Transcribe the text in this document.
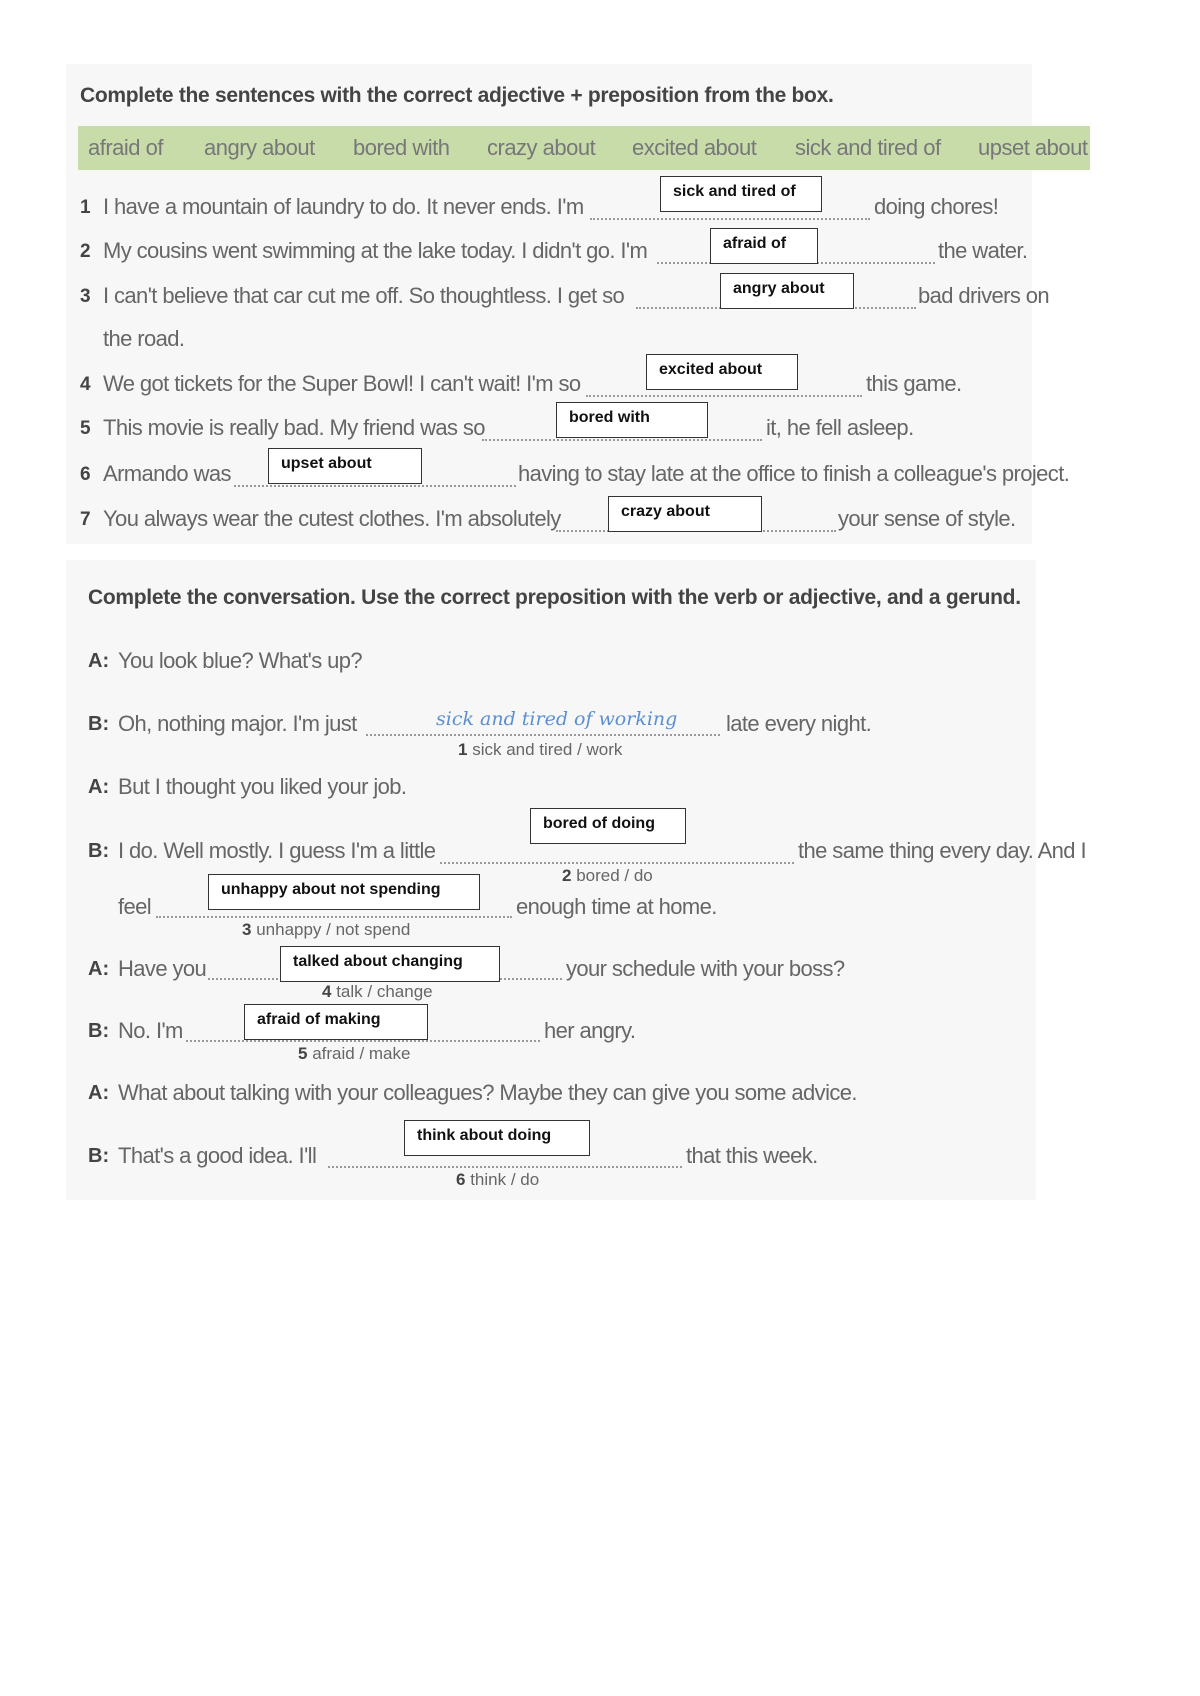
Complete the sentences with the correct adjective + preposition from the box.
afraid of angry about bored with crazy about excited about sick and tired of upset about
1 I have a mountain of laundry to do. It never ends. I'm	doing chores!
sick and tired of
2 My cousins went swimming at the lake today. I didn't go. I'm	the water.
afraid of
3 I can't believe that car cut me off. So thoughtless. I get so	bad drivers on
angry about
the road.
4 We got tickets for the Super Bowl! I can't wait! I'm so	this game.
excited about
5 This movie is really bad. My friend was so	it, he fell asleep.
bored with
6 Armando was	having to stay late at the office to finish a colleague's project.
upset about
7 You always wear the cutest clothes. I'm absolutely	your sense of style.
crazy about
Complete the conversation. Use the correct preposition with the verb or adjective, and a gerund.
A: You look blue? What's up?
B: Oh, nothing major. I'm just	sick and tired of working late every night.
1 sick and tired / work
A: But I thought you liked your job.
B: I do. Well mostly. I guess I'm a little
bored of doing
the same thing every day. And I
2 bored / do
feel
unhappy about not spending
enough time at home.
3 unhappy / not spend
A: Have you	talked about changing	your schedule with your boss?
4 talk / change
B: No. I'm	afraid of making	her angry.
5 afraid / make
A: What about talking with your colleagues? Maybe they can give you some advice.
B: That's a good idea. I'll
think about doing
that this week.
6 think / do
